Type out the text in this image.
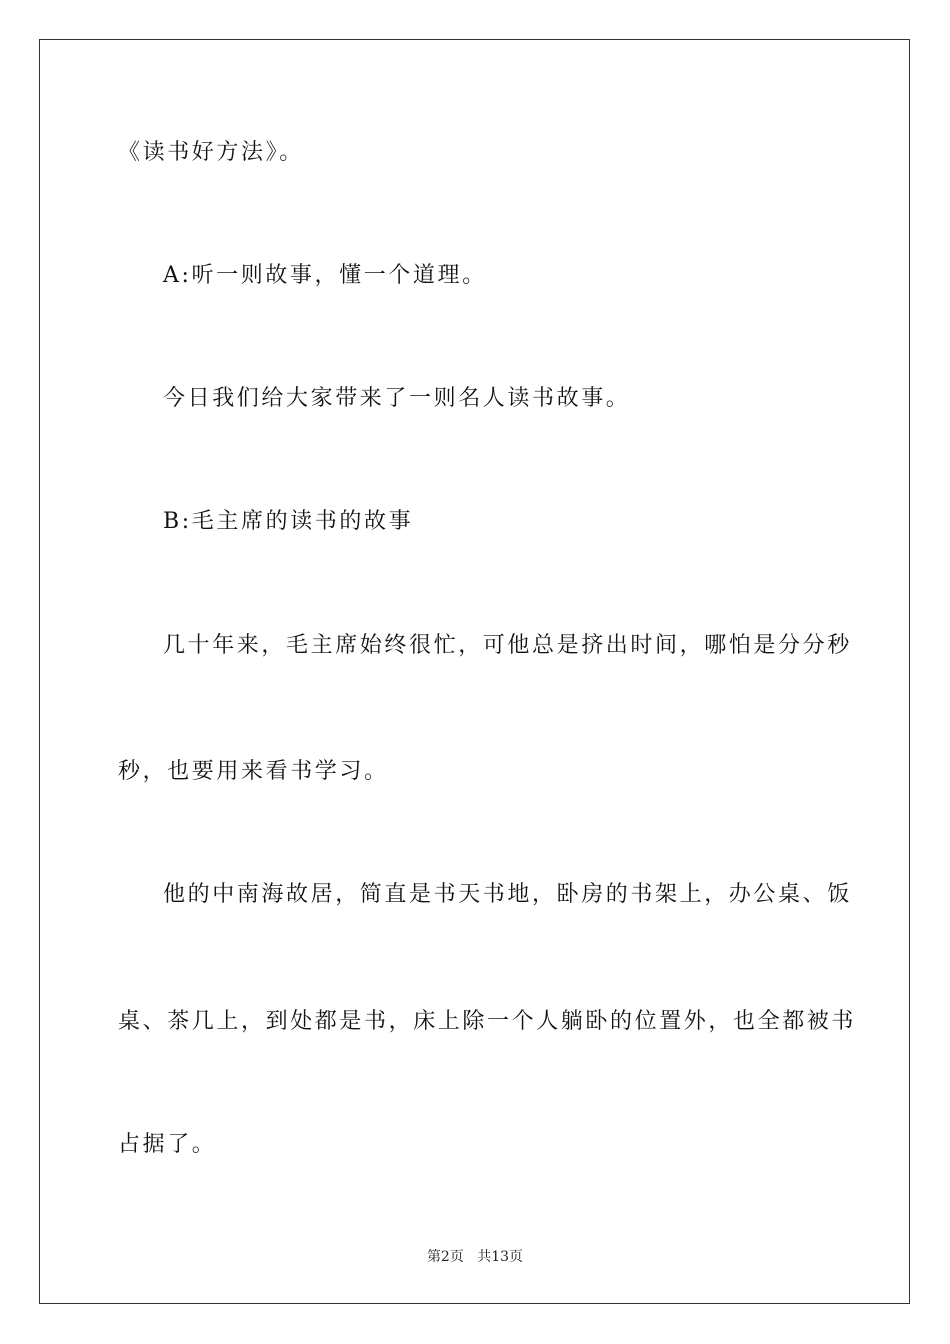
《读书好方法》。
A:听一则故事，懂一个道理。
今日我们给大家带来了一则名人读书故事。
B:毛主席的读书的故事
几十年来，毛主席始终很忙，可他总是挤出时间，哪怕是分分秒
秒，也要用来看书学习。
他的中南海故居，简直是书天书地，卧房的书架上，办公桌、饭
桌、茶几上，到处都是书，床上除一个人躺卧的位置外，也全都被书
占据了。
第2页 共13页
